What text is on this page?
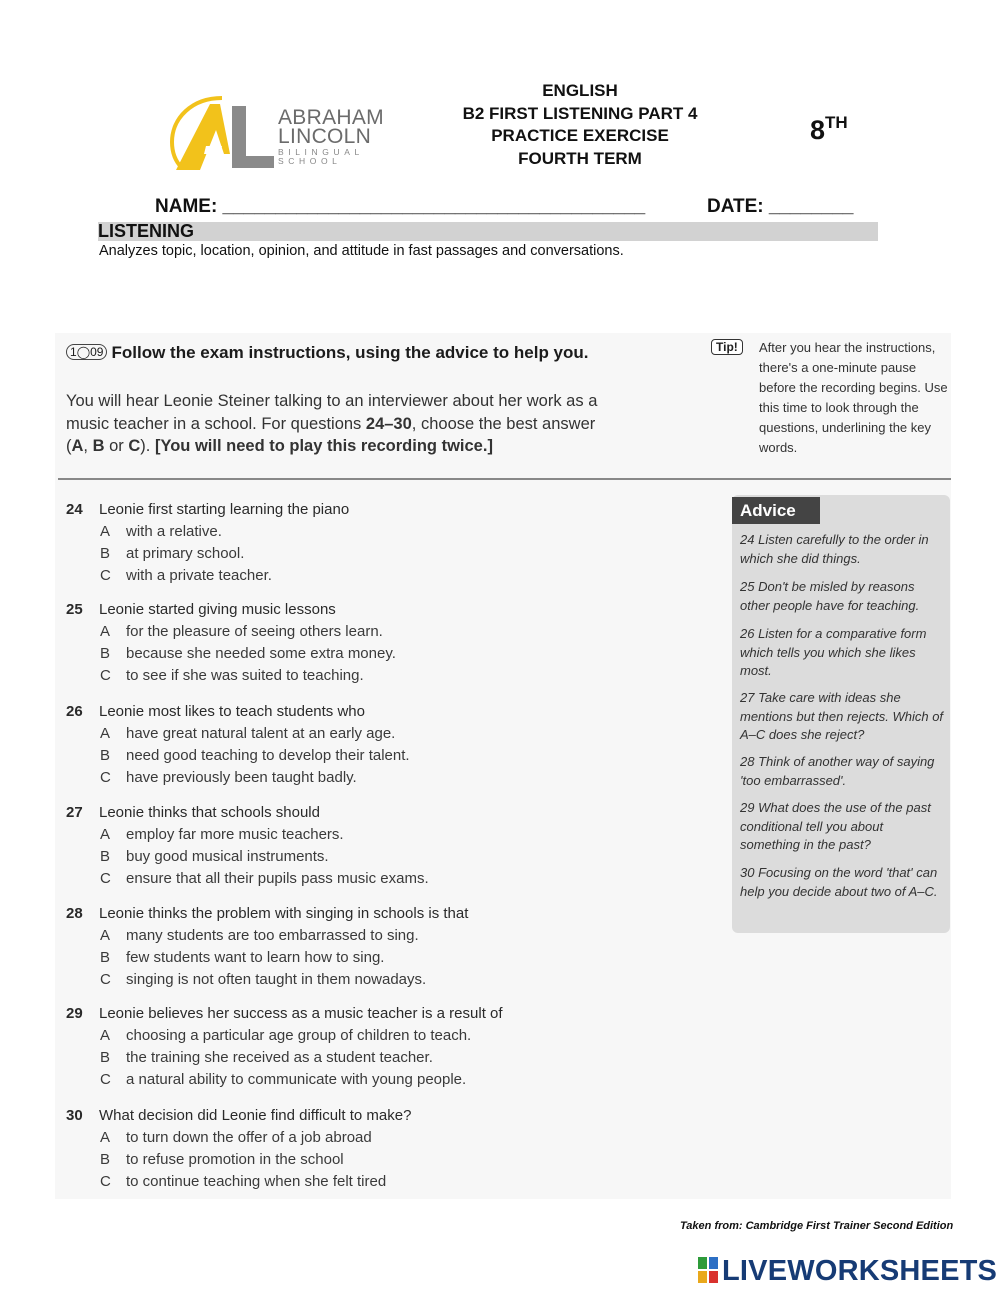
ABRAHAM
LINCOLN
BILINGUAL
SCHOOL
ENGLISH
B2 FIRST LISTENING PART 4
PRACTICE EXERCISE
FOURTH TERM
8TH
NAME: ________________________________________	DATE: ________
LISTENING
Analyzes topic, location, opinion, and attitude in fast passages and conversations.
1◯09 Follow the exam instructions, using the advice to help you.
You will hear Leonie Steiner talking to an interviewer about her work as a
music teacher in a school. For questions 24–30, choose the best answer
(A, B or C). [You will need to play this recording twice.]
Tip!	After you hear the instructions, there's a one-minute pause before the recording begins. Use this time to look through the questions, underlining the key words.
24 Leonie first starting learning the piano
A with a relative.
B at primary school.
C with a private teacher.
25 Leonie started giving music lessons
A for the pleasure of seeing others learn.
B because she needed some extra money.
C to see if she was suited to teaching.
26 Leonie most likes to teach students who
A have great natural talent at an early age.
B need good teaching to develop their talent.
C have previously been taught badly.
27 Leonie thinks that schools should
A employ far more music teachers.
B buy good musical instruments.
C ensure that all their pupils pass music exams.
28 Leonie thinks the problem with singing in schools is that
A many students are too embarrassed to sing.
B few students want to learn how to sing.
C singing is not often taught in them nowadays.
29 Leonie believes her success as a music teacher is a result of
A choosing a particular age group of children to teach.
B the training she received as a student teacher.
C a natural ability to communicate with young people.
30 What decision did Leonie find difficult to make?
A to turn down the offer of a job abroad
B to refuse promotion in the school
C to continue teaching when she felt tired
Advice
24 Listen carefully to the order in which she did things.
25 Don't be misled by reasons other people have for teaching.
26 Listen for a comparative form which tells you which she likes most.
27 Take care with ideas she mentions but then rejects. Which of A–C does she reject?
28 Think of another way of saying 'too embarrassed'.
29 What does the use of the past conditional tell you about something in the past?
30 Focusing on the word 'that' can help you decide about two of A–C.
Taken from: Cambridge First Trainer Second Edition
LIVEWORKSHEETS
